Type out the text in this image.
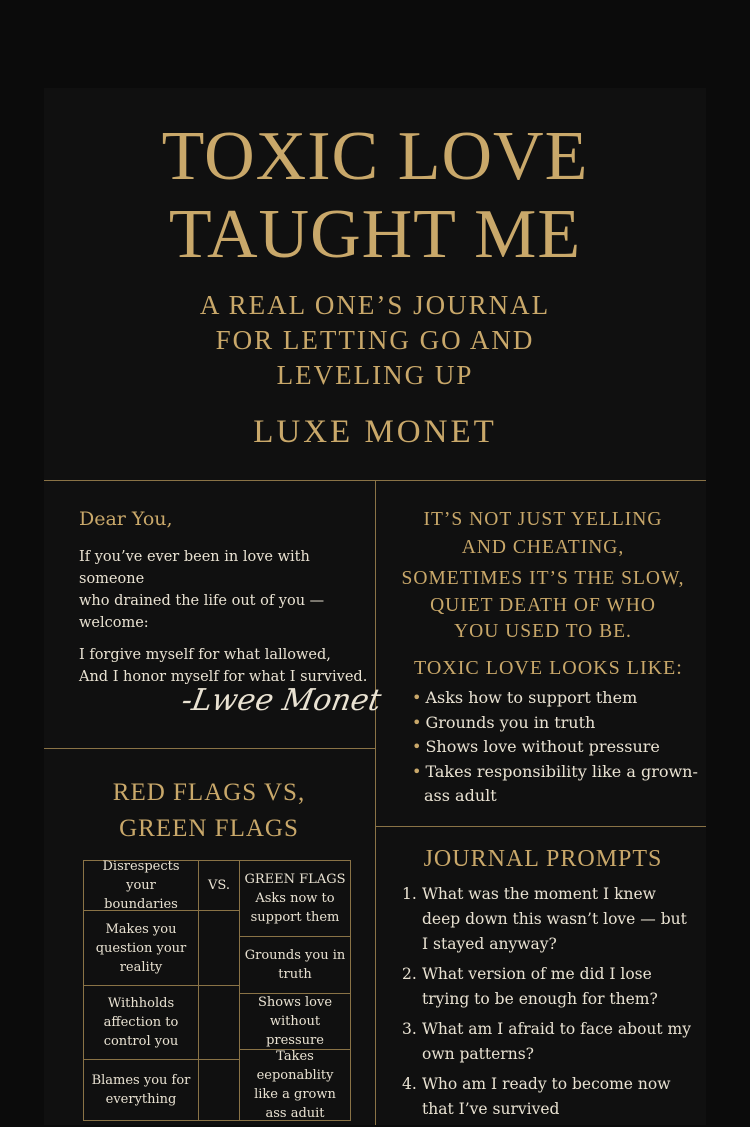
TOXIC LOVE
TAUGHT ME
A REAL ONE’S JOURNAL
FOR LETTING GO AND
LEVELING UP
LUXE MONET
Dear You,

If you’ve ever been in love with someone

who drained the life out of you —

welcome:

I forgive myself for what lallowed,

And I honor myself for what I survived.

-Lwee Monet
IT’S NOT JUST YELLING
AND CHEATING,
SOMETIMES IT’S THE SLOW,
QUIET DEATH OF WHO
YOU USED TO BE.
TOXIC LOVE LOOKS LIKE:
• Asks how to support them
• Grounds you in truth
• Shows love without pressure
• Takes responsibility like a grown-ass adult
RED FLAGS VS,
GREEN FLAGS
Disrespects your boundaries
VS.	GREEN FLAGS
Asks now to support them
Makes you question your reality
Grounds you in truth
Withholds affection to control you
Shows love without pressure
Blames you for everything
Takes eeponablity like a grown ass aduit
JOURNAL PROMPTS
1. What was the moment I knew deep down this wasn’t love — but I stayed anyway?
2. What version of me did I lose trying to be enough for them?
3. What am I afraid to face about my own patterns?
4. Who am I ready to become now that I’ve survived
